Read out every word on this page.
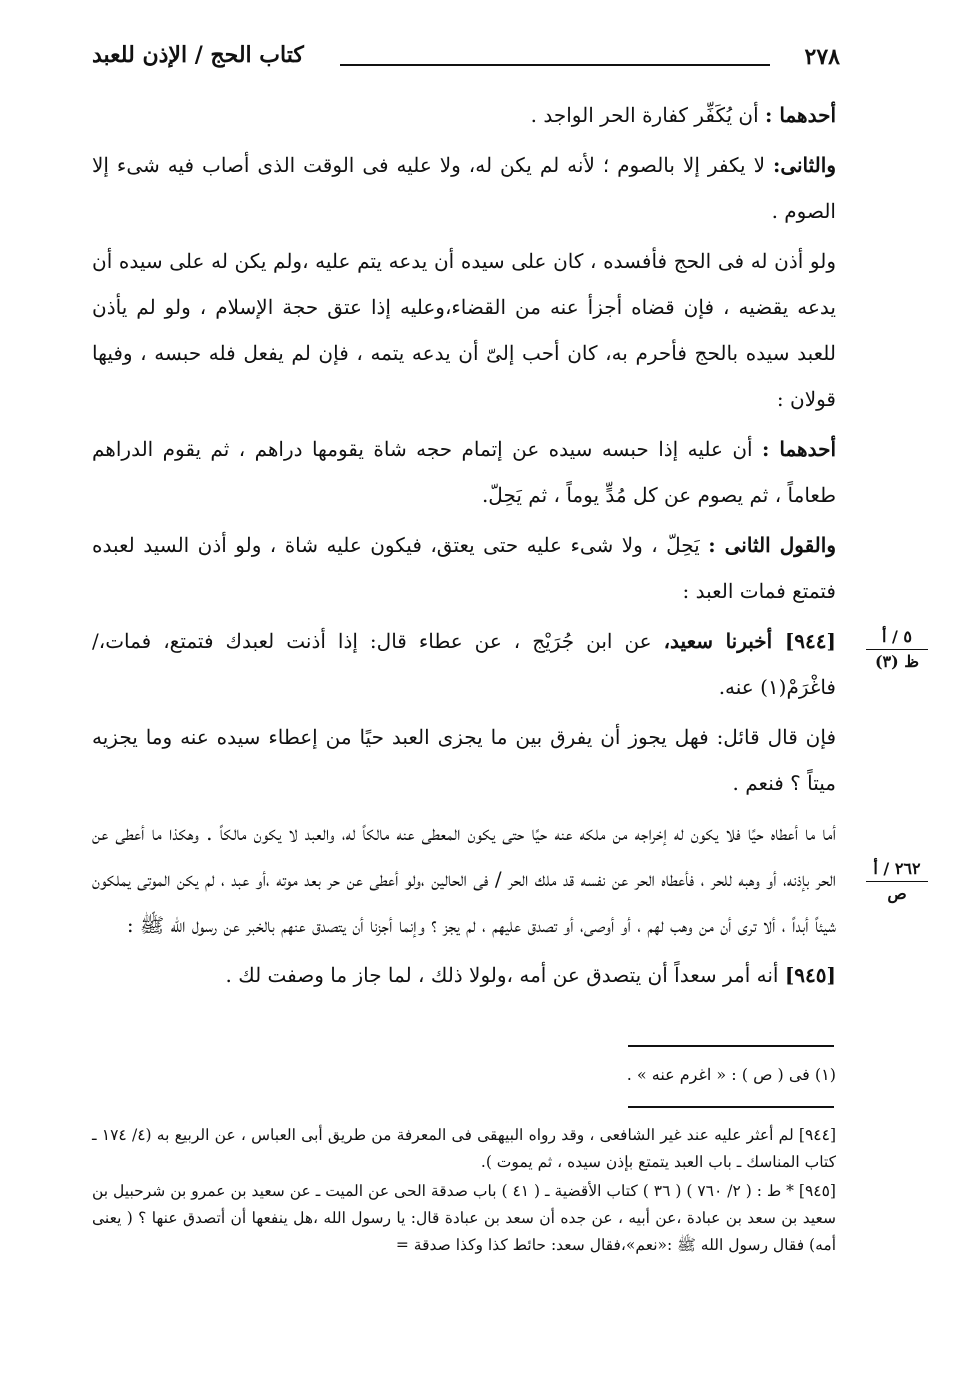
٢٧٨
كتاب الحج / الإذن للعبد

أحدهما : أن يُكَفِّر كفارة الحر الواجد .

والثانى: لا يكفر إلا بالصوم ؛ لأنه لم يكن له، ولا عليه فى الوقت الذى أصاب فيه شىء إلا الصوم .

ولو أذن له فى الحج فأفسده ، كان على سيده أن يدعه يتم عليه ،ولم يكن له على سيده أن يدعه يقضيه ، فإن قضاه أجزأ عنه من القضاء،وعليه إذا عتق حجة الإسلام ، ولو لم يأذن للعبد سيده بالحج فأحرم به، كان أحب إلىّ أن يدعه يتمه ، فإن لم يفعل فله حبسه ، وفيها قولان :

أحدهما : أن عليه إذا حبسه سيده عن إتمام حجه شاة يقومها دراهم ، ثم يقوم الدراهم طعاماً ، ثم يصوم عن كل مُدٍّ يوماً ، ثم يَحِلّ.

والقول الثانى : يَحِلّ ، ولا شىء عليه حتى يعتق، فيكون عليه شاة ، ولو أذن السيد لعبده فتمتع فمات العبد :

[٩٤٤] أخبرنا سعيد، عن ابن جُرَيْج ، عن عطاء قال: إذا أذنت لعبدك فتمتع، فمات،/ فاغْرَمْ(١) عنه.

فإن قال قائل: فهل يجوز أن يفرق بين ما يجزى العبد حيًا من إعطاء سيده عنه وما يجزيه ميتاً ؟ فنعم .

أما ما أعطاه حيًا فلا يكون له إخراجه من ملكه عنه حيًا حتى يكون المعطى عنه مالكاً له، والعبد لا يكون مالكاً . وهكذا ما أعطى عن الحر بإذنه، أو وهبه للحر ، فأعطاه الحر عن نفسه قد ملك الحر / فى الحالين ،ولو أعطى عن حر بعد موته ،أو عبد ، لم يكن الموتى يملكون شيئاً أبداً ، ألا ترى أن من وهب لهم ، أو أوصى، أو تصدق عليهم ، لم يجز ؟ وإنما أجزنا أن يتصدق عنهم بالخبر عن رسول الله ﷺ :

[٩٤٥] أنه أمر سعداً أن يتصدق عن أمه ،ولولا ذلك ، لما جاز ما وصفت لك .

٥ / أ
ظ (٣)
٢٦٢ / أ
ص
(١) فى ( ص ) : « اغرم عنه » .

[٩٤٤] لم أعثر عليه عند غير الشافعى ، وقد رواه البيهقى فى المعرفة من طريق أبى العباس ، عن الربيع به (٤/ ١٧٤ ـ كتاب المناسك ـ باب العبد يتمتع بإذن سيده ، ثم يموت ).

[٩٤٥] * ط : ( ٢/ ٧٦٠ ) ( ٣٦ ) كتاب الأقضية ـ ( ٤١ ) باب صدقة الحى عن الميت ـ عن سعيد بن عمرو بن شرحبيل بن سعيد بن سعد بن عبادة ،عن أبيه ، عن جده أن سعد بن عبادة قال: يا رسول الله ،هل ينفعها أن أتصدق عنها ؟ ( يعنى أمه) فقال رسول الله ﷺ :«نعم»،فقال سعد: حائط كذا وكذا صدقة =
